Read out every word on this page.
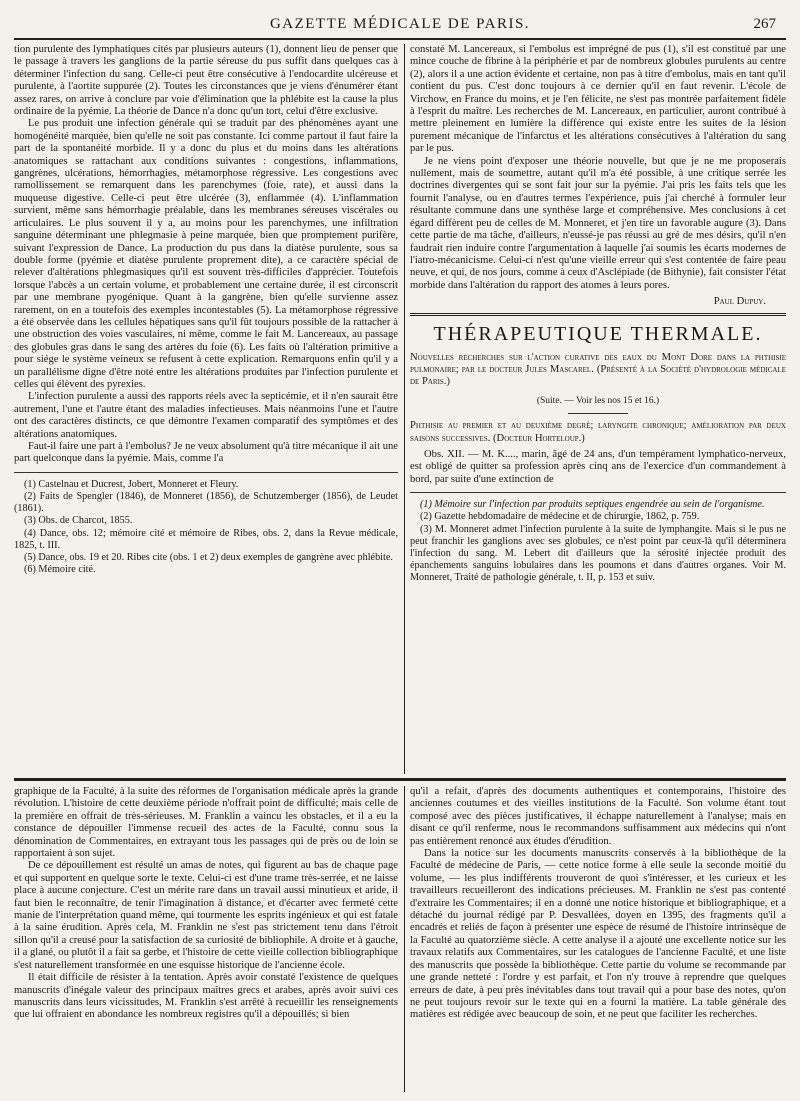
GAZETTE MÉDICALE DE PARIS.	267

tion purulente des lymphatiques cités par plusieurs auteurs (1), donnent lieu de penser que le passage à travers les ganglions de la partie séreuse du pus suffit dans quelques cas à déterminer l'infection du sang. Celle-ci peut être consécutive à l'endocardite ulcéreuse et purulente, à l'aortite suppurée (2). Toutes les circonstances que je viens d'énumérer étant assez rares, on arrive à conclure par voie d'élimination que la phlébite est la cause la plus ordinaire de la pyémie. La théorie de Dance n'a donc qu'un tort, celui d'être exclusive.

Le pus produit une infection générale qui se traduit par des phénomènes ayant une homogénéité marquée, bien qu'elle ne soit pas constante. Ici comme partout il faut faire la part de la spontanéité morbide. Il y a donc du plus et du moins dans les altérations anatomiques se rattachant aux conditions suivantes : congestions, inflammations, gangrènes, ulcérations, hémorrhagies, métamorphose régressive. Les congestions avec ramollissement se remarquent dans les parenchymes (foie, rate), et aussi dans la muqueuse digestive. Celle-ci peut être ulcérée (3), enflammée (4). L'inflammation survient, même sans hémorrhagie préalable, dans les membranes séreuses viscérales ou articulaires. Le plus souvent il y a, au moins pour les parenchymes, une infiltration sanguine déterminant une phlegmasie à peine marquée, bien que promptement purifère, suivant l'expression de Dance. La production du pus dans la diatèse purulente, sous sa double forme (pyémie et diatèse purulente proprement dite), a ce caractère spécial de relever d'altérations phlegmasiques qu'il est souvent très-difficiles d'apprécier. Toutefois lorsque l'abcès a un certain volume, et probablement une certaine durée, il est circonscrit par une membrane pyogénique. Quant à la gangrène, bien qu'elle survienne assez rarement, on en a toutefois des exemples incontestables (5). La métamorphose régressive a été observée dans les cellules hépatiques sans qu'il fût toujours possible de la rattacher à une obstruction des voies vasculaires, ni même, comme le fait M. Lancereaux, au passage des globules gras dans le sang des artères du foie (6). Les faits où l'altération primitive a pour siége le système veineux se refusent à cette explication. Remarquons enfin qu'il y a un parallélisme digne d'être noté entre les altérations produites par l'infection purulente et celles qui élèvent des pyrexies.

L'infection purulente a aussi des rapports réels avec la septicémie, et il n'en saurait être autrement, l'une et l'autre étant des maladies infectieuses. Mais néanmoins l'une et l'autre ont des caractères distincts, ce que démontre l'examen comparatif des symptômes et des altérations anatomiques.

Faut-il faire une part à l'embolus? Je ne veux absolument qu'à titre mécanique il ait une part quelconque dans la pyémie. Mais, comme l'a

(1) Castelnau et Ducrest, Jobert, Monneret et Fleury.

(2) Faits de Spengler (1846), de Monneret (1856), de Schutzemberger (1856), de Leudet (1861).

(3) Obs. de Charcot, 1855.

(4) Dance, obs. 12; mémoire cité et mémoire de Ribes, obs. 2, dans la Revue médicale, 1825, t. III.

(5) Dance, obs. 19 et 20. Ribes cite (obs. 1 et 2) deux exemples de gangrène avec phlébite.

(6) Mémoire cité.

constaté M. Lancereaux, si l'embolus est imprégné de pus (1), s'il est constitué par une mince couche de fibrine à la périphérie et par de nombreux globules purulents au centre (2), alors il a une action évidente et certaine, non pas à titre d'embolus, mais en tant qu'il contient du pus. C'est donc toujours à ce dernier qu'il en faut revenir. L'école de Virchow, en France du moins, et je l'en félicite, ne s'est pas montrée parfaitement fidèle à l'esprit du maître. Les recherches de M. Lancereaux, en particulier, auront contribué à mettre pleinement en lumière la différence qui existe entre les suites de la lésion purement mécanique de l'infarctus et les altérations consécutives à l'altération du sang par le pus.

Je ne viens point d'exposer une théorie nouvelle, but que je ne me proposerais nullement, mais de soumettre, autant qu'il m'a été possible, à une critique serrée les doctrines divergentes qui se sont fait jour sur la pyémie. J'ai pris les faits tels que les fournit l'analyse, ou en d'autres termes l'expérience, puis j'ai cherché à formuler leur résultante commune dans une synthèse large et compréhensive. Mes conclusions à cet égard diffèrent peu de celles de M. Monneret, et j'en tire un favorable augure (3). Dans cette partie de ma tâche, d'ailleurs, n'eussé-je pas réussi au gré de mes désirs, qu'il n'en faudrait rien induire contre l'argumentation à laquelle j'ai soumis les écarts modernes de l'iatro-mécanicisme. Celui-ci n'est qu'une vieille erreur qui s'est contentée de faire peau neuve, et qui, de nos jours, comme à ceux d'Asclépiade (de Bithynie), fait consister l'état morbide dans l'altération du rapport des atomes à leurs pores.

Paul Dupuy.

THÉRAPEUTIQUE THERMALE.

Nouvelles recherches sur l'action curative des eaux du Mont Dore dans la phthisie pulmonaire; par le docteur Jules Mascarel. (Présenté à la Société d'hydrologie médicale de Paris.)

(Suite. — Voir les nos 15 et 16.)

Phthisie au premier et au deuxième degré; laryngite chronique; amélioration par deux saisons successives. (Docteur Horteloup.)

Obs. XII. — M. K...., marin, âgé de 24 ans, d'un tempérament lymphatico-nerveux, est obligé de quitter sa profession après cinq ans de l'exercice d'un commandement à bord, par suite d'une extinction de

(1) Mémoire sur l'infection par produits septiques engendrée au sein de l'organisme.

(2) Gazette hebdomadaire de médecine et de chirurgie, 1862, p. 759.

(3) M. Monneret admet l'infection purulente à la suite de lymphangite. Mais si le pus ne peut franchir les ganglions avec ses globules, ce n'est point par ceux-là qu'il déterminera l'infection du sang. M. Lebert dit d'ailleurs que la sérosité injectée produit des épanchements sanguins lobulaires dans les poumons et dans d'autres organes. Voir M. Monneret, Traité de pathologie générale, t. II, p. 153 et suiv.

graphique de la Faculté, à la suite des réformes de l'organisation médicale après la grande révolution. L'histoire de cette deuxième période n'offrait point de difficulté; mais celle de la première en offrait de très-sérieuses. M. Franklin a vaincu les obstacles, et il a eu la constance de dépouiller l'immense recueil des actes de la Faculté, connu sous la dénomination de Commentaires, en extrayant tous les passages qui de près ou de loin se rapportaient à son sujet.

De ce dépouillement est résulté un amas de notes, qui figurent au bas de chaque page et qui supportent en quelque sorte le texte. Celui-ci est d'une trame très-serrée, et ne laisse place à aucune conjecture. C'est un mérite rare dans un travail aussi minutieux et aride, il faut bien le reconnaître, de tenir l'imagination à distance, et d'écarter avec fermeté cette manie de l'interprétation quand même, qui tourmente les esprits ingénieux et qui est fatale à la saine érudition. Après cela, M. Franklin ne s'est pas strictement tenu dans l'étroit sillon qu'il a creusé pour la satisfaction de sa curiosité de bibliophile. A droite et à gauche, il a glané, ou plutôt il a fait sa gerbe, et l'histoire de cette vieille collection bibliographique s'est naturellement transformée en une esquisse historique de l'ancienne école.

Il était difficile de résister à la tentation. Après avoir constaté l'existence de quelques manuscrits d'inégale valeur des principaux maîtres grecs et arabes, après avoir suivi ces manuscrits dans leurs vicissitudes, M. Franklin s'est arrêté à recueillir les renseignements que lui offraient en abondance les nombreux registres qu'il a dépouillés; si bien

qu'il a refait, d'après des documents authentiques et contemporains, l'histoire des anciennes coutumes et des vieilles institutions de la Faculté. Son volume étant tout composé avec des pièces justificatives, il échappe naturellement à l'analyse; mais en disant ce qu'il renferme, nous le recommandons suffisamment aux médecins qui n'ont pas entièrement renoncé aux études d'érudition.

Dans la notice sur les documents manuscrits conservés à la bibliothèque de la Faculté de médecine de Paris, — cette notice forme à elle seule la seconde moitié du volume, — les plus indifférents trouveront de quoi s'intéresser, et les curieux et les travailleurs recueilleront des indications précieuses. M. Franklin ne s'est pas contenté d'extraire les Commentaires; il en a donné une notice historique et bibliographique, et a détaché du journal rédigé par P. Desvallées, doyen en 1395, des fragments qu'il a encadrés et reliés de façon à présenter une espèce de résumé de l'histoire intrinsèque de la Faculté au quatorzième siècle. A cette analyse il a ajouté une excellente notice sur les travaux relatifs aux Commentaires, sur les catalogues de l'ancienne Faculté, et une liste des manuscrits que possède la bibliothèque. Cette partie du volume se recommande par une grande netteté : l'ordre y est parfait, et l'on n'y trouve à reprendre que quelques erreurs de date, à peu près inévitables dans tout travail qui a pour base des notes, qu'on ne peut toujours revoir sur le texte qui en a fourni la matière. La table générale des matières est rédigée avec beaucoup de soin, et ne peut que faciliter les recherches.
